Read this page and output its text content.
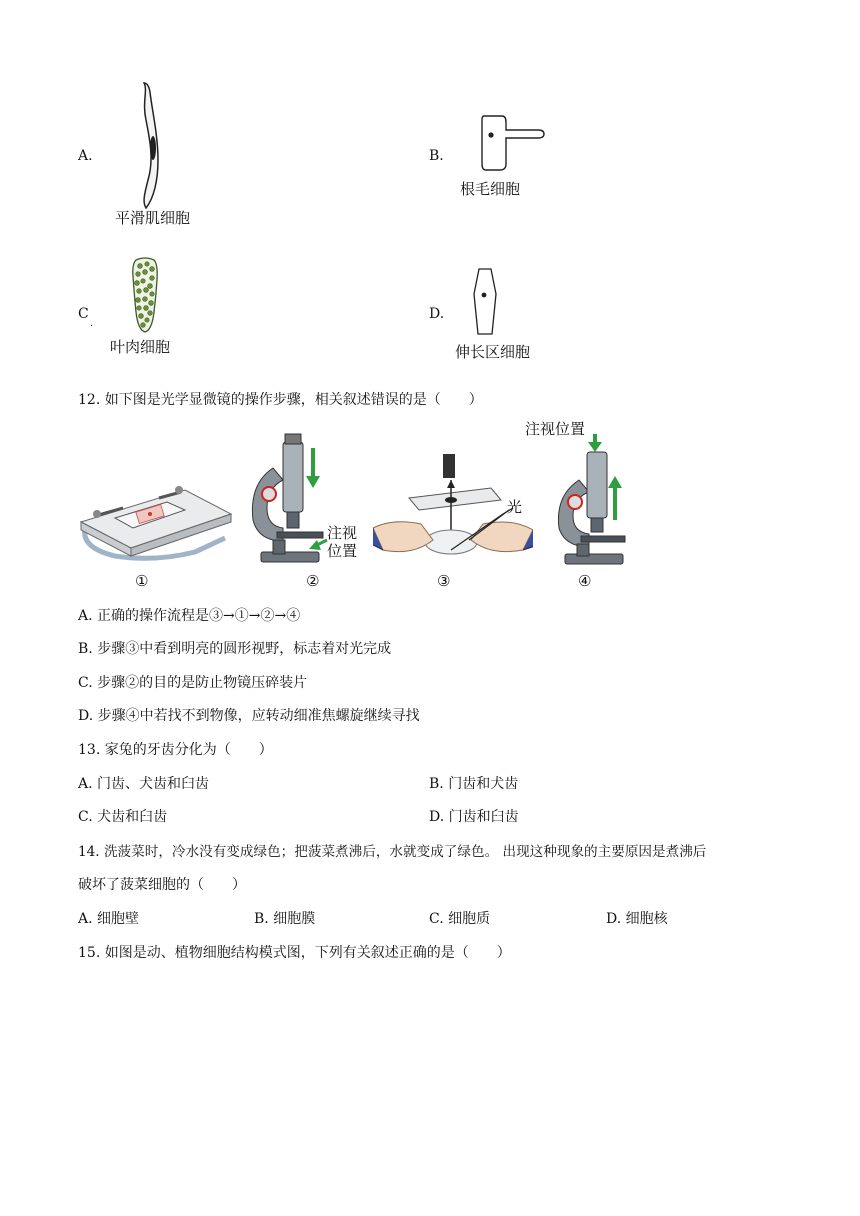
A.
平滑肌细胞
B.
根毛细胞
C
.
叶肉细胞
D.
伸长区细胞
12. 如下图是光学显微镜的操作步骤，相关叙述错误的是（　　）
①
注视
位置
②
光
③
注视位置
④
A. 正确的操作流程是③→①→②→④
B. 步骤③中看到明亮的圆形视野，标志着对光完成
C. 步骤②的目的是防止物镜压碎装片
D. 步骤④中若找不到物像，应转动细准焦螺旋继续寻找
13. 家兔的牙齿分化为（　　）
A. 门齿、犬齿和臼齿	B. 门齿和犬齿
C. 犬齿和臼齿	D. 门齿和臼齿
14. 洗菠菜时，冷水没有变成绿色；把菠菜煮沸后，水就变成了绿色。 出现这种现象的主要原因是煮沸后
破坏了菠菜细胞的（　　）
A. 细胞壁	B. 细胞膜	C. 细胞质	D. 细胞核
15. 如图是动、植物细胞结构模式图，下列有关叙述正确的是（　　）
